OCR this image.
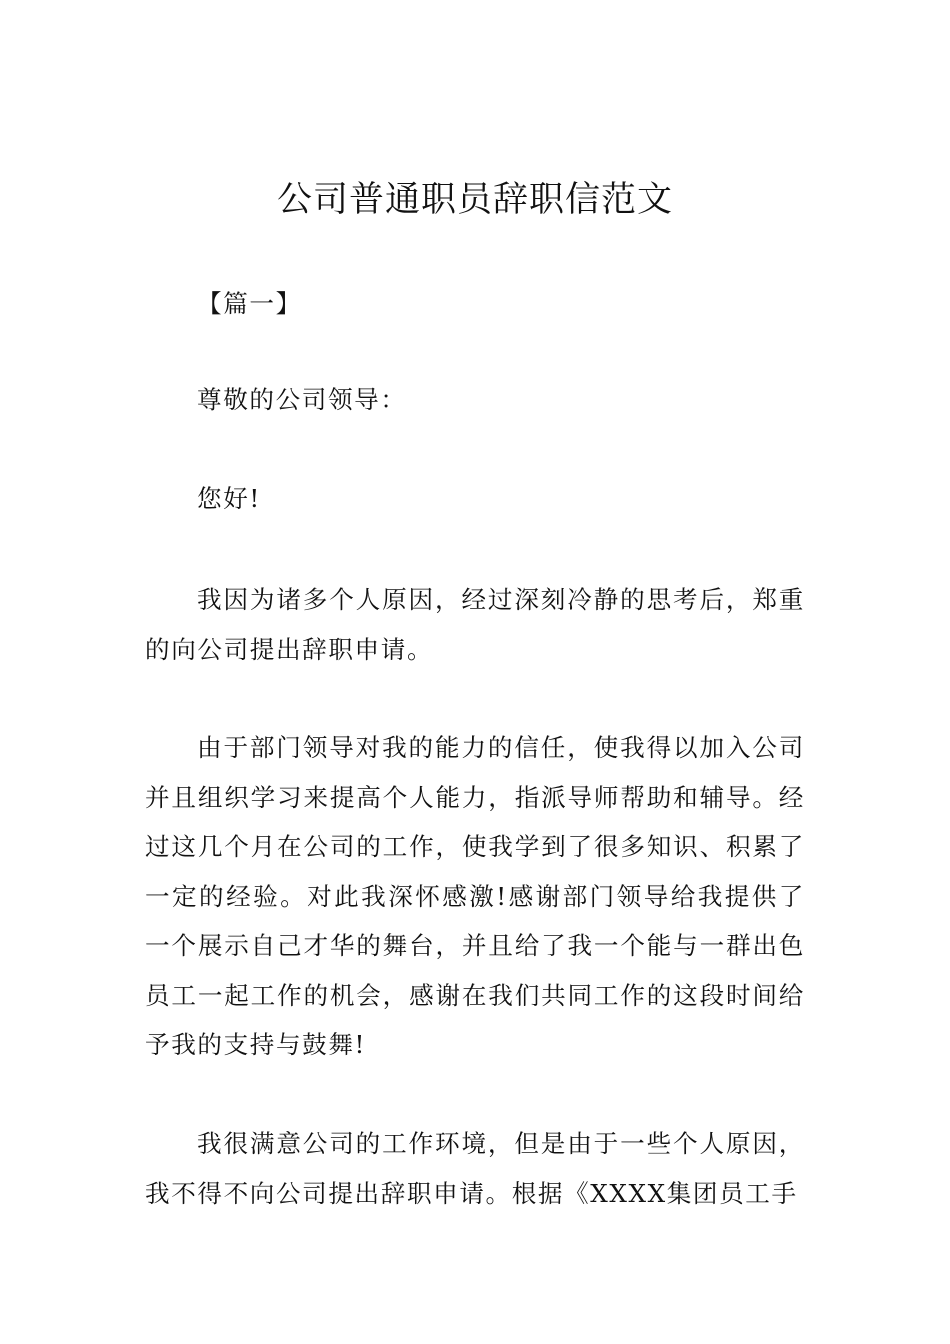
公司普通职员辞职信范文

【篇一】

尊敬的公司领导：

您好!

我因为诸多个人原因，经过深刻冷静的思考后，郑重的向公司提出辞职申请。

由于部门领导对我的能力的信任，使我得以加入公司并且组织学习来提高个人能力，指派导师帮助和辅导。经过这几个月在公司的工作，使我学到了很多知识、积累了一定的经验。对此我深怀感激!感谢部门领导给我提供了一个展示自己才华的舞台，并且给了我一个能与一群出色员工一起工作的机会，感谢在我们共同工作的这段时间给予我的支持与鼓舞!

我很满意公司的工作环境，但是由于一些个人原因，我不得不向公司提出辞职申请。根据《XXXX集团员工手
